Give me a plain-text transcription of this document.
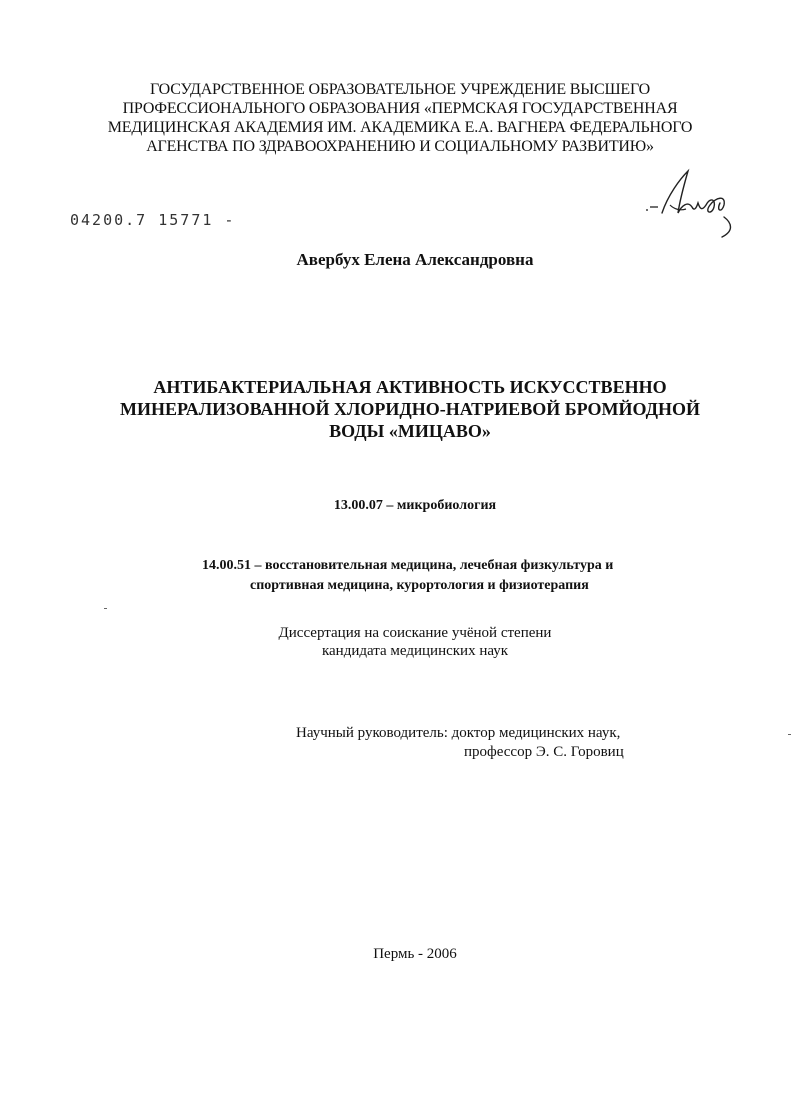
ГОСУДАРСТВЕННОЕ ОБРАЗОВАТЕЛЬНОЕ УЧРЕЖДЕНИЕ ВЫСШЕГО
ПРОФЕССИОНАЛЬНОГО ОБРАЗОВАНИЯ «ПЕРМСКАЯ ГОСУДАРСТВЕННАЯ
МЕДИЦИНСКАЯ АКАДЕМИЯ ИМ. АКАДЕМИКА Е.А. ВАГНЕРА ФЕДЕРАЛЬНОГО
АГЕНСТВА ПО ЗДРАВООХРАНЕНИЮ И СОЦИАЛЬНОМУ РАЗВИТИЮ»
04200.7 15771 -
Авербух Елена Александровна
АНТИБАКТЕРИАЛЬНАЯ АКТИВНОСТЬ ИСКУССТВЕННО
МИНЕРАЛИЗОВАННОЙ ХЛОРИДНО-НАТРИЕВОЙ БРОМЙОДНОЙ
ВОДЫ «МИЦАВО»
13.00.07 – микробиология
14.00.51 – восстановительная медицина, лечебная физкультура и
спортивная медицина, курортология и физиотерапия
Диссертация на соискание учёной степени
кандидата медицинских наук
Научный руководитель: доктор медицинских наук,
профессор Э. С. Горовиц
Пермь - 2006
